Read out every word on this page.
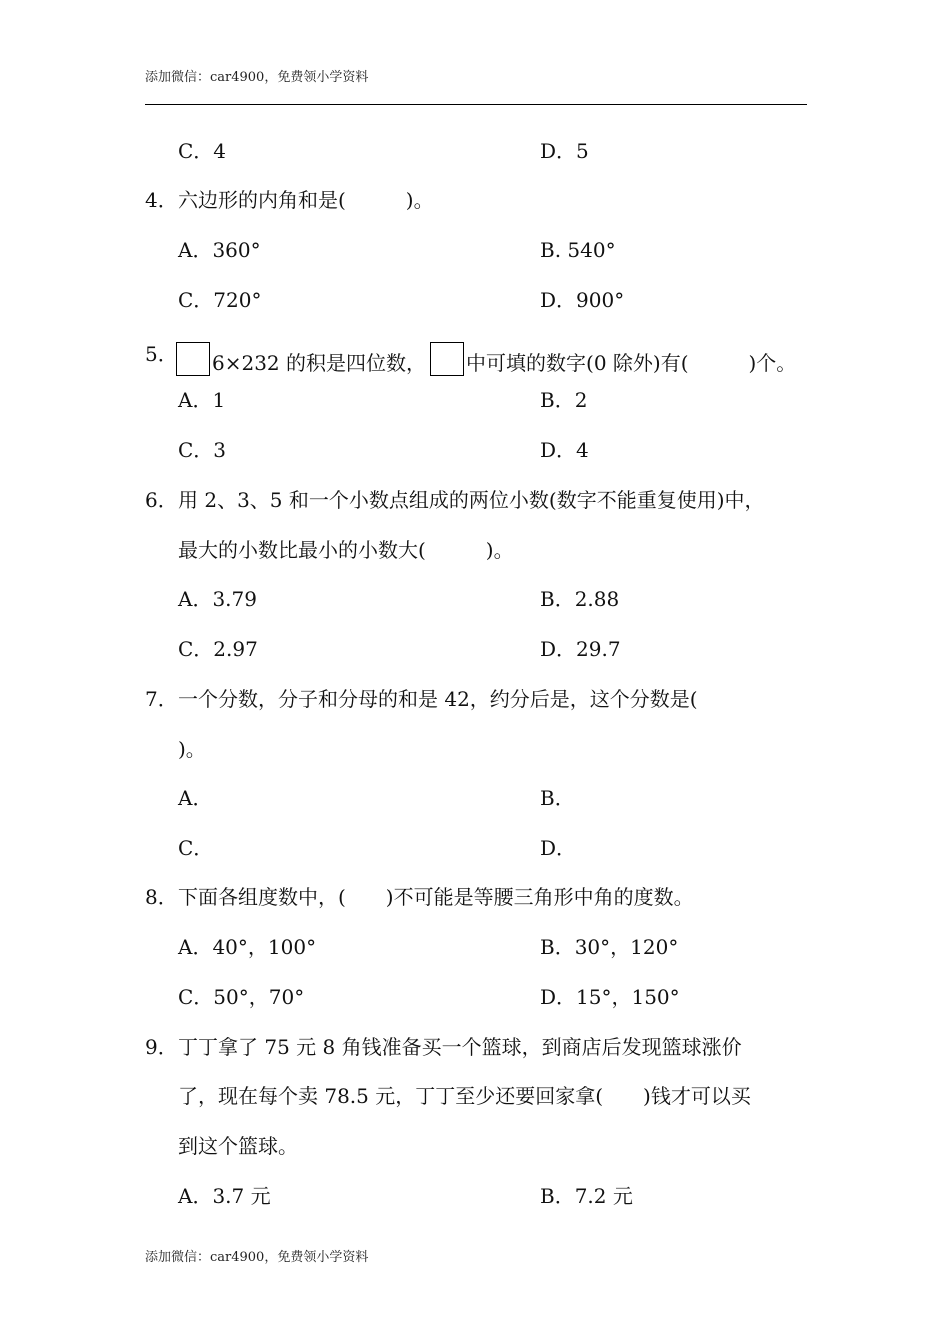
添加微信：car4900，免费领小学资料
C．4	D．5
4． 六边形的内角和是(　　　)。
A．360°	B. 540°
C．720°	D．900°
5．	6×232 的积是四位数， 中可填的数字(0 除外)有(　　　)个。
A．1	B．2
C．3	D．4
6． 用 2、3、5 和一个小数点组成的两位小数(数字不能重复使用)中，
最大的小数比最小的小数大(　　　)。
A．3.79	B．2.88
C．2.97	D．29.7
7． 一个分数，分子和分母的和是 42，约分后是，这个分数是(
)。
A．	B．
C．	D．
8． 下面各组度数中，(　　)不可能是等腰三角形中角的度数。
A．40°，100°	B．30°，120°
C．50°，70°	D．15°，150°
9． 丁丁拿了 75 元 8 角钱准备买一个篮球，到商店后发现篮球涨价
了，现在每个卖 78.5 元，丁丁至少还要回家拿(　　)钱才可以买
到这个篮球。
A．3.7 元	B．7.2 元
添加微信：car4900，免费领小学资料
